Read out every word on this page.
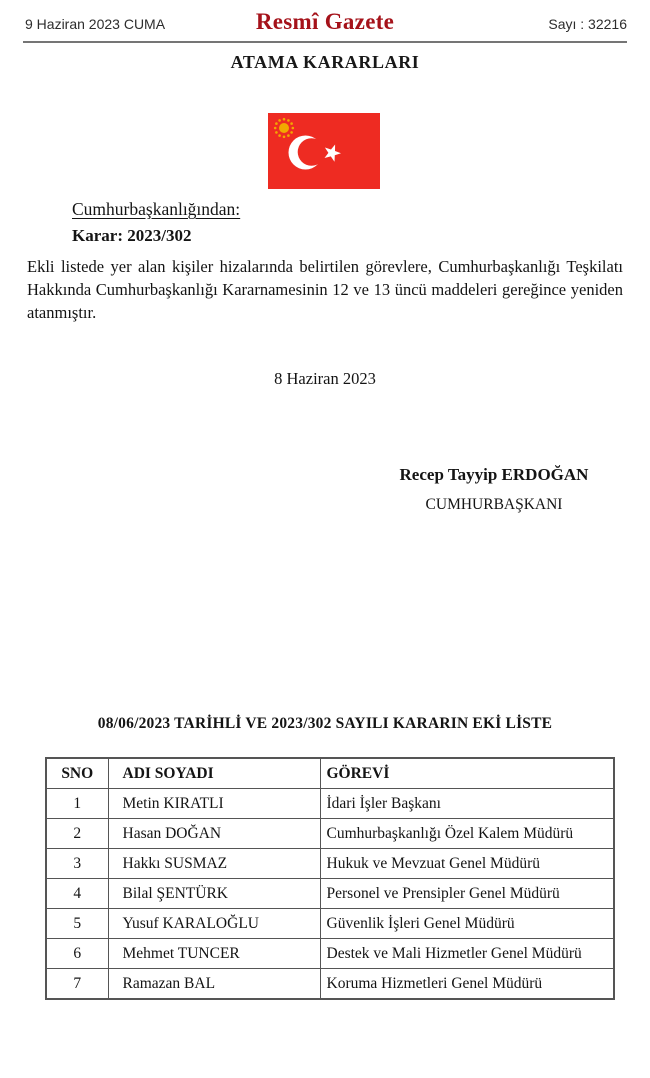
9 Haziran 2023 CUMA	Resmî Gazete	Sayı : 32216
ATAMA KARARLARI
Cumhurbaşkanlığından:
Karar: 2023/302
Ekli listede yer alan kişiler hizalarında belirtilen görevlere, Cumhurbaşkanlığı Teşkilatı Hakkında Cumhurbaşkanlığı Kararnamesinin 12 ve 13 üncü maddeleri gereğince yeniden atanmıştır.
8 Haziran 2023
Recep Tayyip ERDOĞAN
CUMHURBAŞKANI
08/06/2023 TARİHLİ VE 2023/302 SAYILI KARARIN EKİ LİSTE
SNO	ADI SOYADI	GÖREVİ
1	Metin KIRATLI	İdari İşler Başkanı
2	Hasan DOĞAN	Cumhurbaşkanlığı Özel Kalem Müdürü
3	Hakkı SUSMAZ	Hukuk ve Mevzuat Genel Müdürü
4	Bilal ŞENTÜRK	Personel ve Prensipler Genel Müdürü
5	Yusuf KARALOĞLU	Güvenlik İşleri Genel Müdürü
6	Mehmet TUNCER	Destek ve Mali Hizmetler Genel Müdürü
7	Ramazan BAL	Koruma Hizmetleri Genel Müdürü
